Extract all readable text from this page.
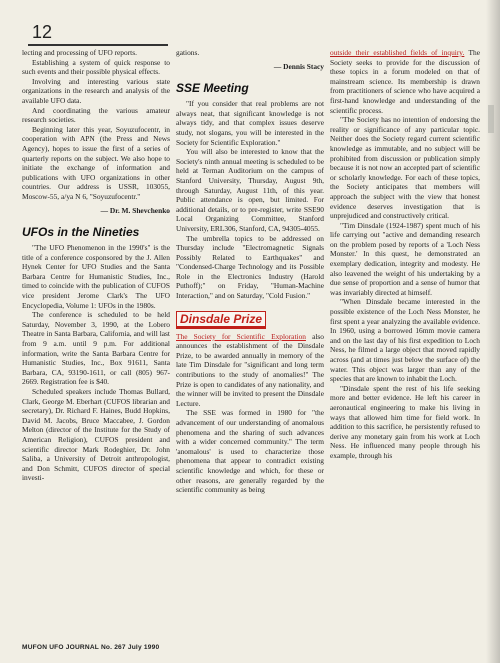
12

lecting and processing of UFO reports.

Establishing a system of quick response to such events and their possible physical effects.

Involving and interesting various state organizations in the research and analysis of the available UFO data.

And coordinating the various amateur research societies.

Beginning later this year, Soyuzufocentr, in cooperation with APN (the Press and News Agency), hopes to issue the first of a series of quarterly reports on the subject. We also hope to initiate the exchange of information and publications with UFO organizations in other countries. Our address is USSR, 103055, Moscow-55, a/ya N 6, "Soyuzufocentr."

— Dr. M. Shevchenko

UFOs in the Nineties

"The UFO Phenomenon in the 1990's" is the title of a conference cosponsored by the J. Allen Hynek Center for UFO Studies and the Santa Barbara Centre for Humanistic Studies, Inc., timed to coincide with the publication of CUFOS vice president Jerome Clark's The UFO Encyclopedia, Volume 1: UFOs in the 1980s.

The conference is scheduled to be held Saturday, November 3, 1990, at the Lobero Theatre in Santa Barbara, California, and will last from 9 a.m. until 9 p.m. For additional information, write the Santa Barbara Centre for Humanistic Studies, Inc., Box 91611, Santa Barbara, CA, 93190-1611, or call (805) 967-2669. Registration fee is $40.

Scheduled speakers include Thomas Bullard, Clark, George M. Eberhart (CUFOS librarian and secretary), Dr. Richard F. Haines, Budd Hopkins, David M. Jacobs, Bruce Maccabee, J. Gordon Melton (director of the Institute for the Study of American Religion), CUFOS president and scientific director Mark Rodeghier, Dr. John Saliba, a University of Detroit anthropologist, and Don Schmitt, CUFOS director of special investi-

gations.

— Dennis Stacy

SSE Meeting

"If you consider that real problems are not always neat, that significant knowledge is not always tidy, and that complex issues deserve study, not slogans, you will be interested in the Society for Scientific Exploration."

You will also be interested to know that the Society's ninth annual meeting is scheduled to be held at Terman Auditorium on the campus of Stanford University, Thursday, August 9th, through Saturday, August 11th, of this year. Public attendance is open, but limited. For additional details, or to pre-register, write SSE90 Local Organizing Committee, Stanford University, ERL306, Stanford, CA, 94305-4055.

The umbrella topics to be addressed on Thursday include "Electromagnetic Signals Possibly Related to Earthquakes" and "Condensed-Charge Technology and its Possible Role in the Electronics Industry (Harold Puthoff);" on Friday, "Human-Machine Interaction," and on Saturday, "Cold Fusion."

Dinsdale Prize

The Society for Scientific Exploration also announces the establishment of the Dinsdale Prize, to be awarded annually in memory of the late Tim Dinsdale for "significant and long term contributions to the study of anomalies!" The Prize is open to candidates of any nationality, and the winner will be invited to present the Dinsdale Lecture.

The SSE was formed in 1980 for "the advancement of our understanding of anomalous phenomena and the sharing of such advances with a wider concerned community." The term 'anomalous' is used to characterize those phenomena that appear to contradict existing scientific knowledge and which, for these or other reasons, are generally regarded by the scientific community as being

outside their established fields of inquiry. The Society seeks to provide for the discussion of these topics in a forum modeled on that of mainstream science. Its membership is drawn from practitioners of science who have acquired a first-hand knowledge and understanding of the scientific process.

"The Society has no intention of endorsing the reality or significance of any particular topic. Neither does the Society regard current scientific knowledge as immutable, and no subject will be prohibited from discussion or publication simply because it is not now an accepted part of scientific or scholarly knowledge. For each of these topics, the Society anticipates that members will approach the subject with the view that honest evidence deserves investigation that is unprejudiced and constructively critical.

"Tim Dinsdale (1924-1987) spent much of his life carrying out "active and demanding research on the problem posed by reports of a 'Loch Ness Monster.' In this quest, he demonstrated an exemplary dedication, integrity and modesty. He also leavened the weight of his undertaking by a due sense of proportion and a sense of humor that was invariably directed at himself.

"When Dinsdale became interested in the possible existence of the Loch Ness Monster, he first spent a year analyzing the available evidence. In 1960, using a borrowed 16mm movie camera and on the last day of his first expedition to Loch Ness, he filmed a large object that moved rapidly across (and at times just below the surface of) the water. This object was larger than any of the species that are known to inhabit the Loch.

"Dinsdale spent the rest of his life seeking more and better evidence. He left his career in aeronautical engineering to make his living in ways that allowed him time for field work. In addition to this sacrifice, he persistently refused to derive any monetary gain from his work at Loch Ness. He influenced many people through his example, through his

MUFON UFO JOURNAL No. 267 July 1990
